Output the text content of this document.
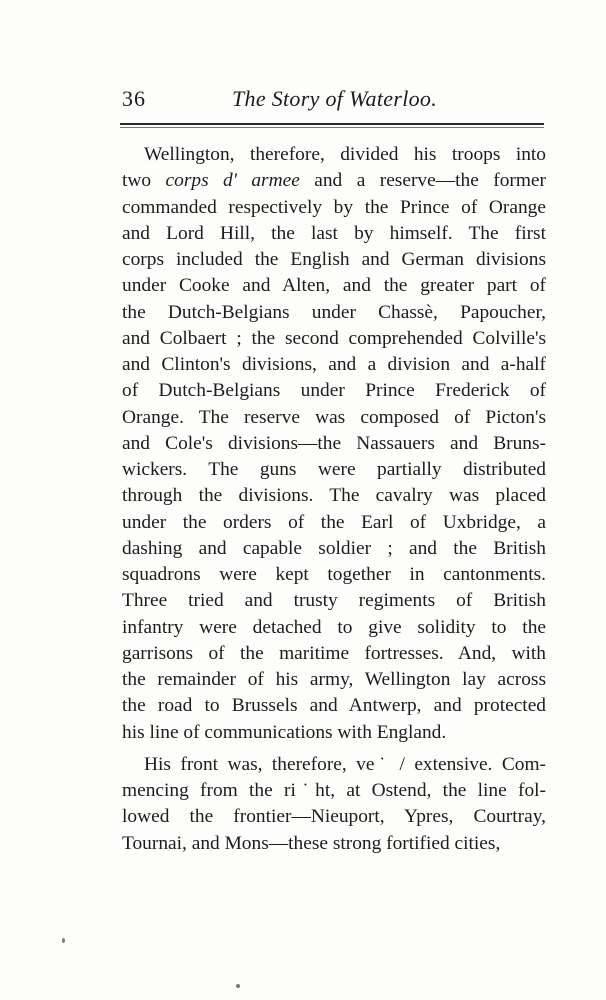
36	The Story of Waterloo.
Wellington, therefore, divided his troops into
two corps d' armee and a reserve—the former
commanded respectively by the Prince of Orange
and Lord Hill, the last by himself. The first
corps included the English and German divisions
under Cooke and Alten, and the greater part of
the Dutch-Belgians under Chassè, Papoucher,
and Colbaert ; the second comprehended Colville's
and Clinton's divisions, and a division and a-half
of Dutch-Belgians under Prince Frederick of
Orange. The reserve was composed of Picton's
and Cole's divisions—the Nassauers and Bruns-
wickers. The guns were partially distributed
through the divisions. The cavalry was placed
under the orders of the Earl of Uxbridge, a
dashing and capable soldier ; and the British
squadrons were kept together in cantonments.
Three tried and trusty regiments of British
infantry were detached to give solidity to the
garrisons of the maritime fortresses. And, with
the remainder of his army, Wellington lay across
the road to Brussels and Antwerp, and protected
his line of communications with England.
His front was, therefore, ve˙ / extensive. Com-
mencing from the ri˙ht, at Ostend, the line fol-
lowed the frontier—Nieuport, Ypres, Courtray,
Tournai, and Mons—these strong fortified cities,
